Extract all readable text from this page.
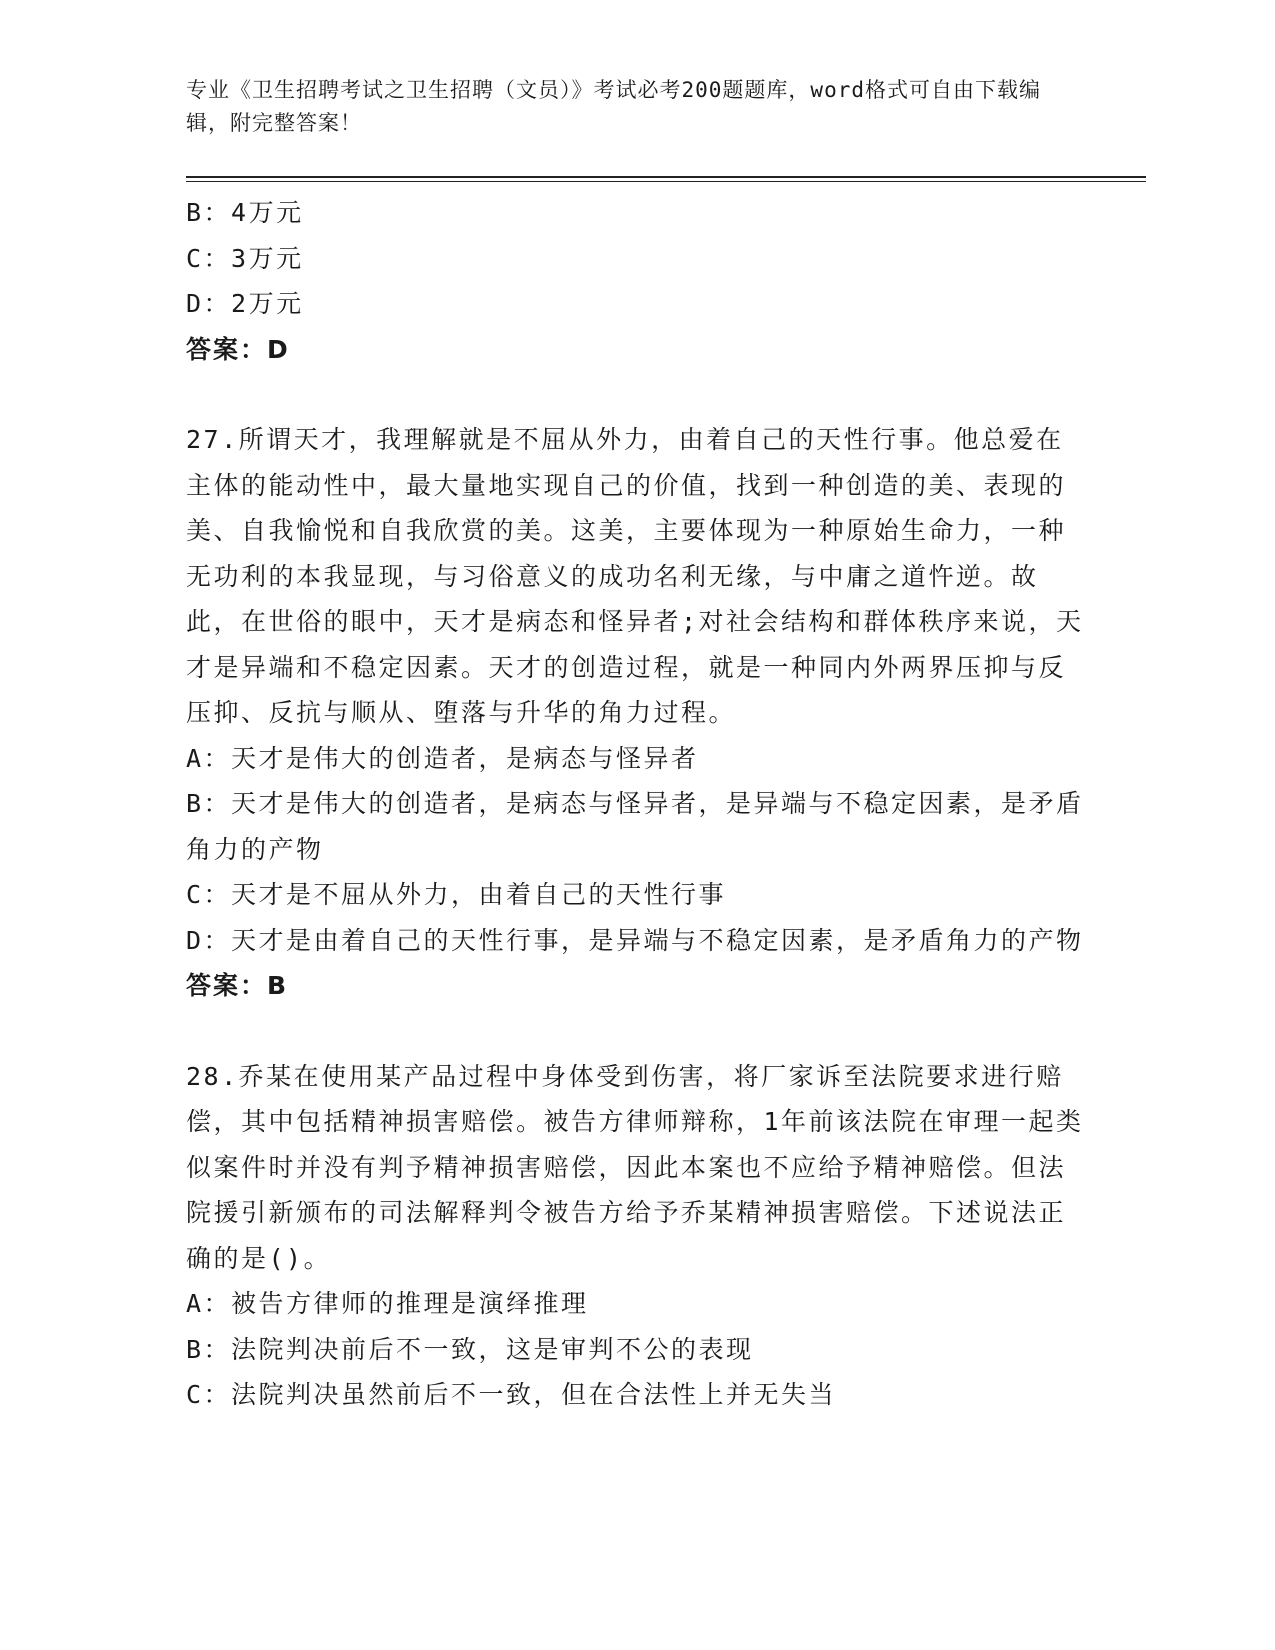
专业《卫生招聘考试之卫生招聘（文员）》考试必考200题题库，word格式可自由下载编辑，附完整答案！

B：4万元

C：3万元

D：2万元

答案：D

27.所谓天才，我理解就是不屈从外力，由着自己的天性行事。他总爱在主体的能动性中，最大量地实现自己的价值，找到一种创造的美、表现的美、自我愉悦和自我欣赏的美。这美，主要体现为一种原始生命力，一种无功利的本我显现，与习俗意义的成功名利无缘，与中庸之道忤逆。故此，在世俗的眼中，天才是病态和怪异者;对社会结构和群体秩序来说，天才是异端和不稳定因素。天才的创造过程，就是一种同内外两界压抑与反压抑、反抗与顺从、堕落与升华的角力过程。

A：天才是伟大的创造者，是病态与怪异者

B：天才是伟大的创造者，是病态与怪异者，是异端与不稳定因素，是矛盾角力的产物

C：天才是不屈从外力，由着自己的天性行事

D：天才是由着自己的天性行事，是异端与不稳定因素，是矛盾角力的产物

答案：B

28.乔某在使用某产品过程中身体受到伤害，将厂家诉至法院要求进行赔偿，其中包括精神损害赔偿。被告方律师辩称，1年前该法院在审理一起类似案件时并没有判予精神损害赔偿，因此本案也不应给予精神赔偿。但法院援引新颁布的司法解释判令被告方给予乔某精神损害赔偿。下述说法正确的是()。

A：被告方律师的推理是演绎推理

B：法院判决前后不一致，这是审判不公的表现

C：法院判决虽然前后不一致，但在合法性上并无失当
